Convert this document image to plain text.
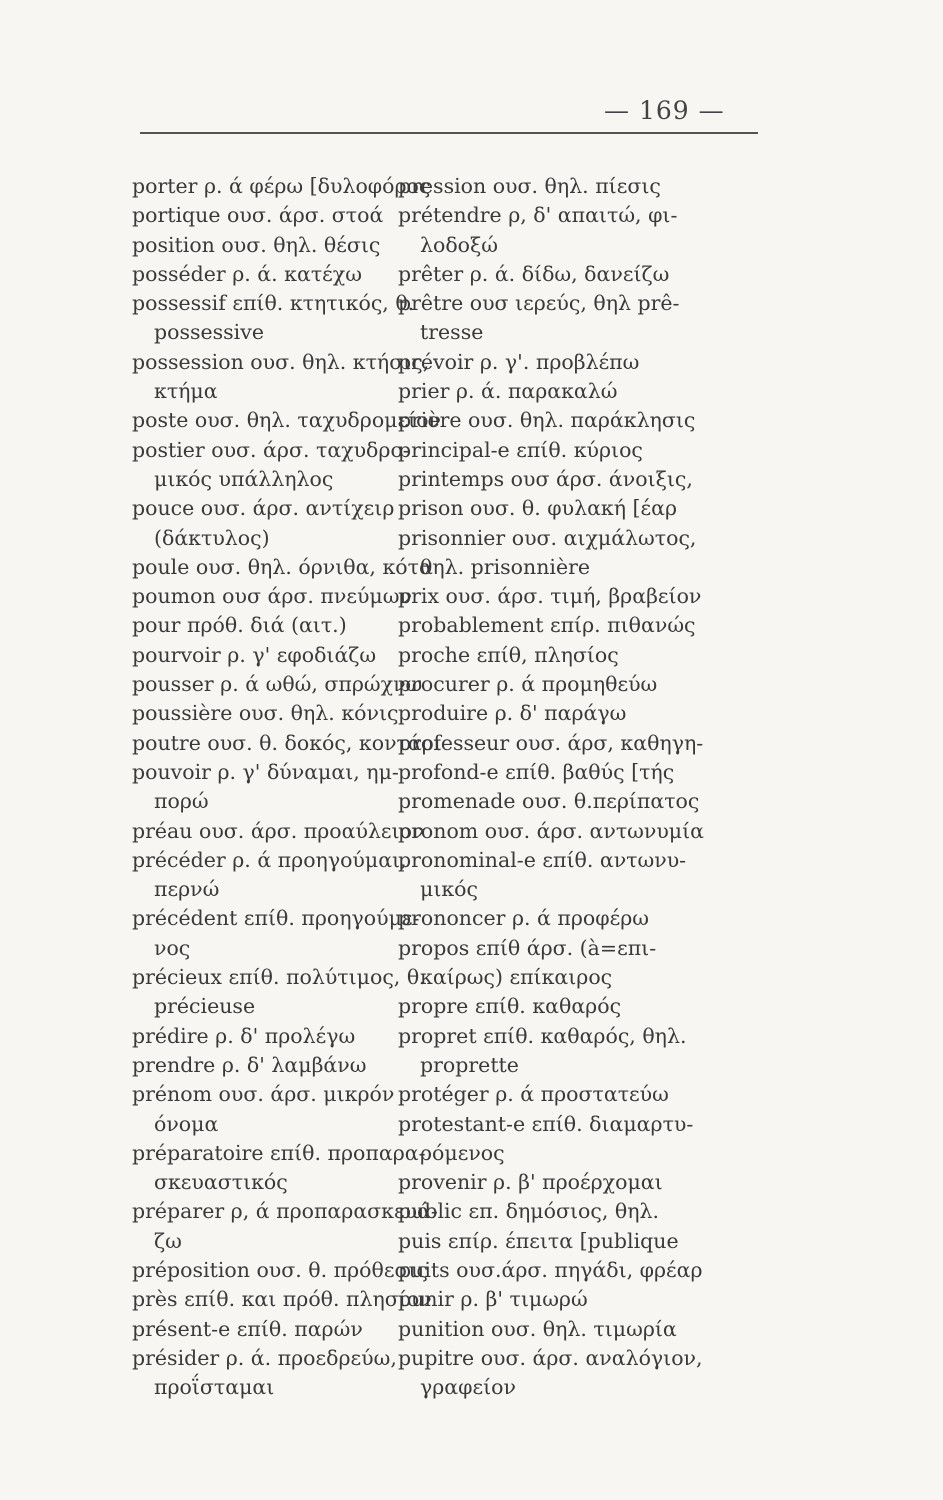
— 169 —
porter ρ. ά φέρω [δυλοφόρος
portique ουσ. άρσ. στοά
position ουσ. θηλ. θέσις
posséder ρ. ά. κατέχω
possessif επίθ. κτητικός, θ.
possessive
possession ουσ. θηλ. κτήσις,
κτήμα
poste ουσ. θηλ. ταχυδρομείον
postier ουσ. άρσ. ταχυδρο-
μικός υπάλληλος
pouce ουσ. άρσ. αντίχειρ
(δάκτυλος)
poule ουσ. θηλ. όρνιθα, κότα
poumon ουσ άρσ. πνεύμων
pour πρόθ. διά (αιτ.)
pourvoir ρ. γ' εφοδιάζω
pousser ρ. ά ωθώ, σπρώχνω
poussière ουσ. θηλ. κόνις
poutre ουσ. θ. δοκός, κοντάρι
pouvoir ρ. γ' δύναμαι, ημ-
πορώ
préau ουσ. άρσ. προαύλειον
précéder ρ. ά προηγούμαι,
περνώ
précédent επίθ. προηγούμε-
νος
précieux επίθ. πολύτιμος, θ.
précieuse
prédire ρ. δ' προλέγω
prendre ρ. δ' λαμβάνω
prénom ουσ. άρσ. μικρόν
όνομα
préparatoire επίθ. προπαρα-
σκευαστικός
préparer ρ, ά προπαρασκευά-
ζω
préposition ουσ. θ. πρόθεσις
près επίθ. και πρόθ. πλησίον
présent-e επίθ. παρών
présider ρ. ά. προεδρεύω,
προΐσταμαι
pression ουσ. θηλ. πίεσις
prétendre ρ, δ' απαιτώ, φι-
λοδοξώ
prêter ρ. ά. δίδω, δανείζω
prêtre ουσ ιερεύς, θηλ prê-
tresse
prévoir ρ. γ'. προβλέπω
prier ρ. ά. παρακαλώ
prière ουσ. θηλ. παράκλησις
principal-e επίθ. κύριος
printemps ουσ άρσ. άνοιξις,
prison ουσ. θ. φυλακή [έαρ
prisonnier ουσ. αιχμάλωτος,
θηλ. prisonnière
prix ουσ. άρσ. τιμή, βραβείον
probablement επίρ. πιθανώς
proche επίθ, πλησίος
procurer ρ. ά προμηθεύω
produire ρ. δ' παράγω
professeur ουσ. άρσ, καθηγη-
profond-e επίθ. βαθύς [τής
promenade ουσ. θ.περίπατος
pronom ουσ. άρσ. αντωνυμία
pronominal-e επίθ. αντωνυ-
μικός
prononcer ρ. ά προφέρω
propos επίθ άρσ. (à=επι-
καίρως) επίκαιρος
propre επίθ. καθαρός
propret επίθ. καθαρός, θηλ.
proprette
protéger ρ. ά προστατεύω
protestant-e επίθ. διαμαρτυ-
ρόμενος
provenir ρ. β' προέρχομαι
public επ. δημόσιος, θηλ.
puis επίρ. έπειτα [publique
puits ουσ.άρσ. πηγάδι, φρέαρ
punir ρ. β' τιμωρώ
punition ουσ. θηλ. τιμωρία
pupitre ουσ. άρσ. αναλόγιον,
γραφείον
